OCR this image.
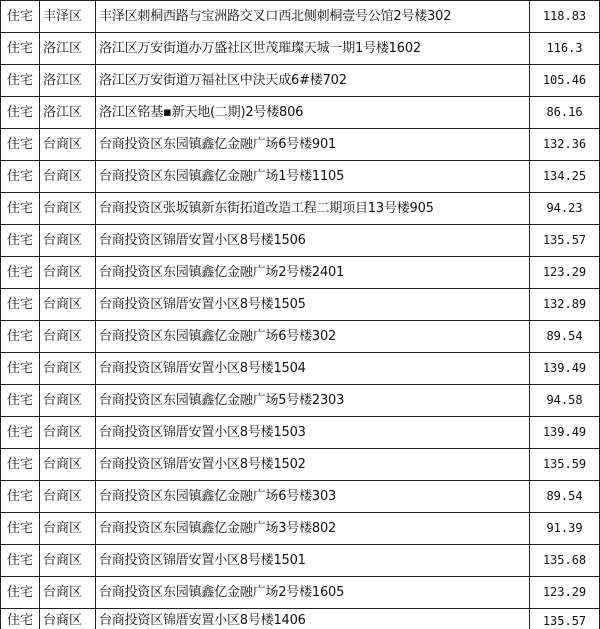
住宅 丰泽区	丰泽区刺桐西路与宝洲路交叉口西北侧刺桐壹号公馆2号楼302	118.83
住宅 洛江区	洛江区万安街道办万盛社区世茂璀璨天城一期1号楼1602	116.3
住宅 洛江区	洛江区万安街道万福社区中決天成6#楼702	105.46
住宅 洛江区	洛江区铭基▪新天地(二期)2号楼806	86.16
住宅 台商区	台商投资区东园镇鑫亿金融广场6号楼901	132.36
住宅 台商区	台商投资区东园镇鑫亿金融广场1号楼1105	134.25
住宅 台商区	台商投资区张坂镇新东街拓道改造工程二期项目13号楼905	94.23
住宅 台商区	台商投资区锦厝安置小区8号楼1506	135.57
住宅 台商区	台商投资区东园镇鑫亿金融广场2号楼2401	123.29
住宅 台商区	台商投资区锦厝安置小区8号楼1505	132.89
住宅 台商区	台商投资区东园镇鑫亿金融广场6号楼302	89.54
住宅 台商区	台商投资区锦厝安置小区8号楼1504	139.49
住宅 台商区	台商投资区东园镇鑫亿金融广场5号楼2303	94.58
住宅 台商区	台商投资区锦厝安置小区8号楼1503	139.49
住宅 台商区	台商投资区锦厝安置小区8号楼1502	135.59
住宅 台商区	台商投资区东园镇鑫亿金融广场6号楼303	89.54
住宅 台商区	台商投资区东园镇鑫亿金融广场3号楼802	91.39
住宅 台商区	台商投资区锦厝安置小区8号楼1501	135.68
住宅 台商区	台商投资区东园镇鑫亿金融广场2号楼1605	123.29
住宅 台商区	台商投资区锦厝安置小区8号楼1406	135.57
